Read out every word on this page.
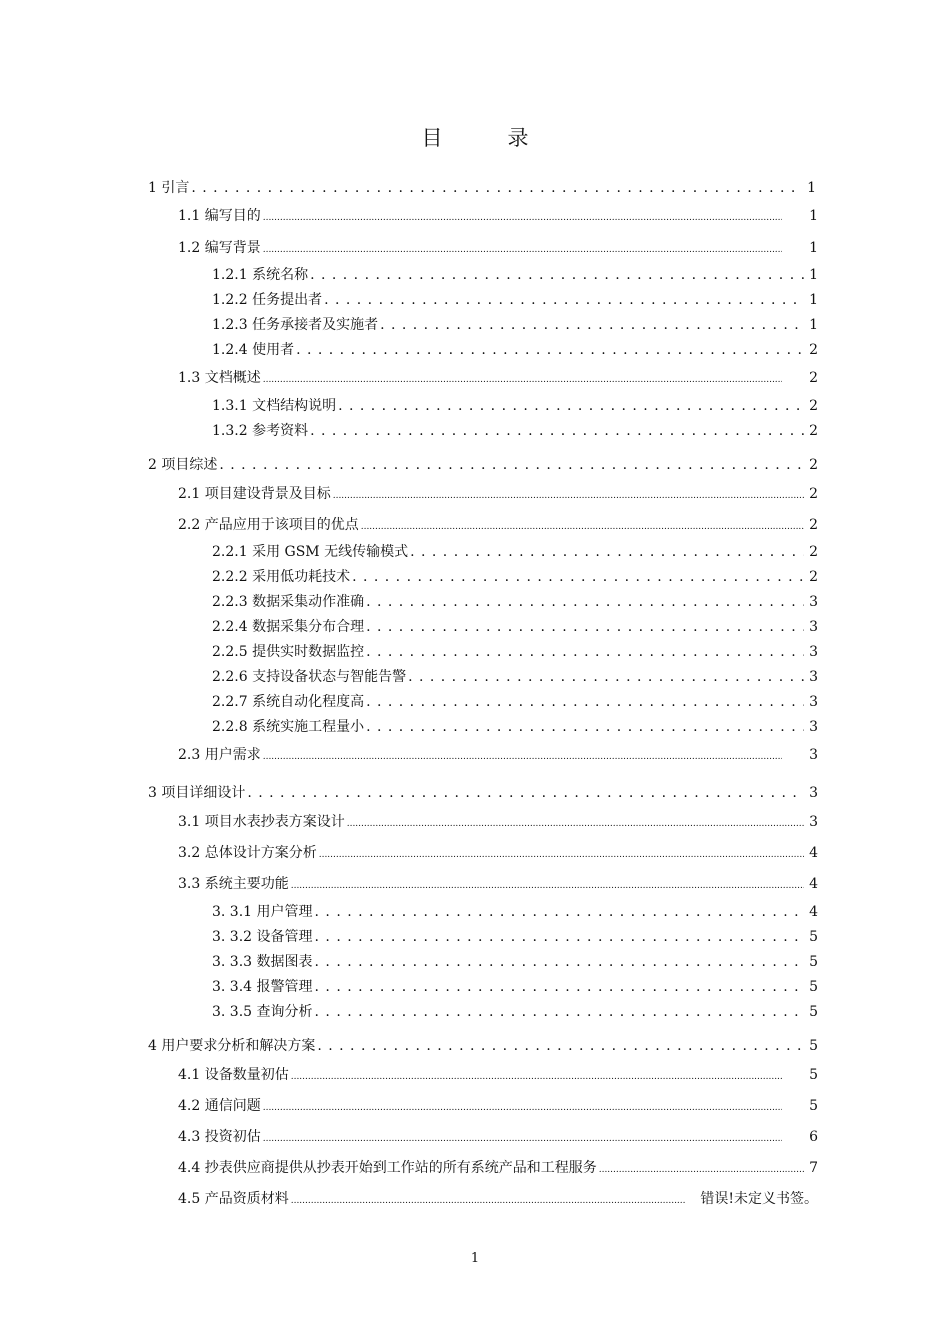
目　录
1 引言 . . .	1
1.1 编写目的 .....	1
1.2 编写背景 .....	1
1.2.1 系统名称 . . .	1
1.2.2 任务提出者 . . .	1
1.2.3 任务承接者及实施者 . . .	1
1.2.4 使用者 . . .	2
1.3 文档概述 .....	2
1.3.1 文档结构说明 . . .	2
1.3.2 参考资料 . . .	2
2 项目综述 . . .	2
2.1 项目建设背景及目标 .....	2
2.2 产品应用于该项目的优点 .....	2
2.2.1 采用 GSM 无线传输模式 . . .	2
2.2.2 采用低功耗技术 . . .	2
2.2.3 数据采集动作准确 . . .	3
2.2.4 数据采集分布合理 . . .	3
2.2.5 提供实时数据监控 . . .	3
2.2.6 支持设备状态与智能告警 . . .	3
2.2.7 系统自动化程度高 . . .	3
2.2.8 系统实施工程量小 . . .	3
2.3 用户需求 .....	3
3 项目详细设计 . . .	3
3.1 项目水表抄表方案设计 .....	3
3.2 总体设计方案分析 .....	4
3.3 系统主要功能 .....	4
3. 3.1 用户管理 . . .	4
3. 3.2 设备管理 . . .	5
3. 3.3 数据图表 . . .	5
3. 3.4 报警管理 . . .	5
3. 3.5 查询分析 . . .	5
4 用户要求分析和解决方案 . . .	5
4.1 设备数量初估 .....	5
4.2 通信问题 .....	5
4.3 投资初估 .....	6
4.4 抄表供应商提供从抄表开始到工作站的所有系统产品和工程服务 .....	7
4.5 产品资质材料 .....	错误!未定义书签。
1
